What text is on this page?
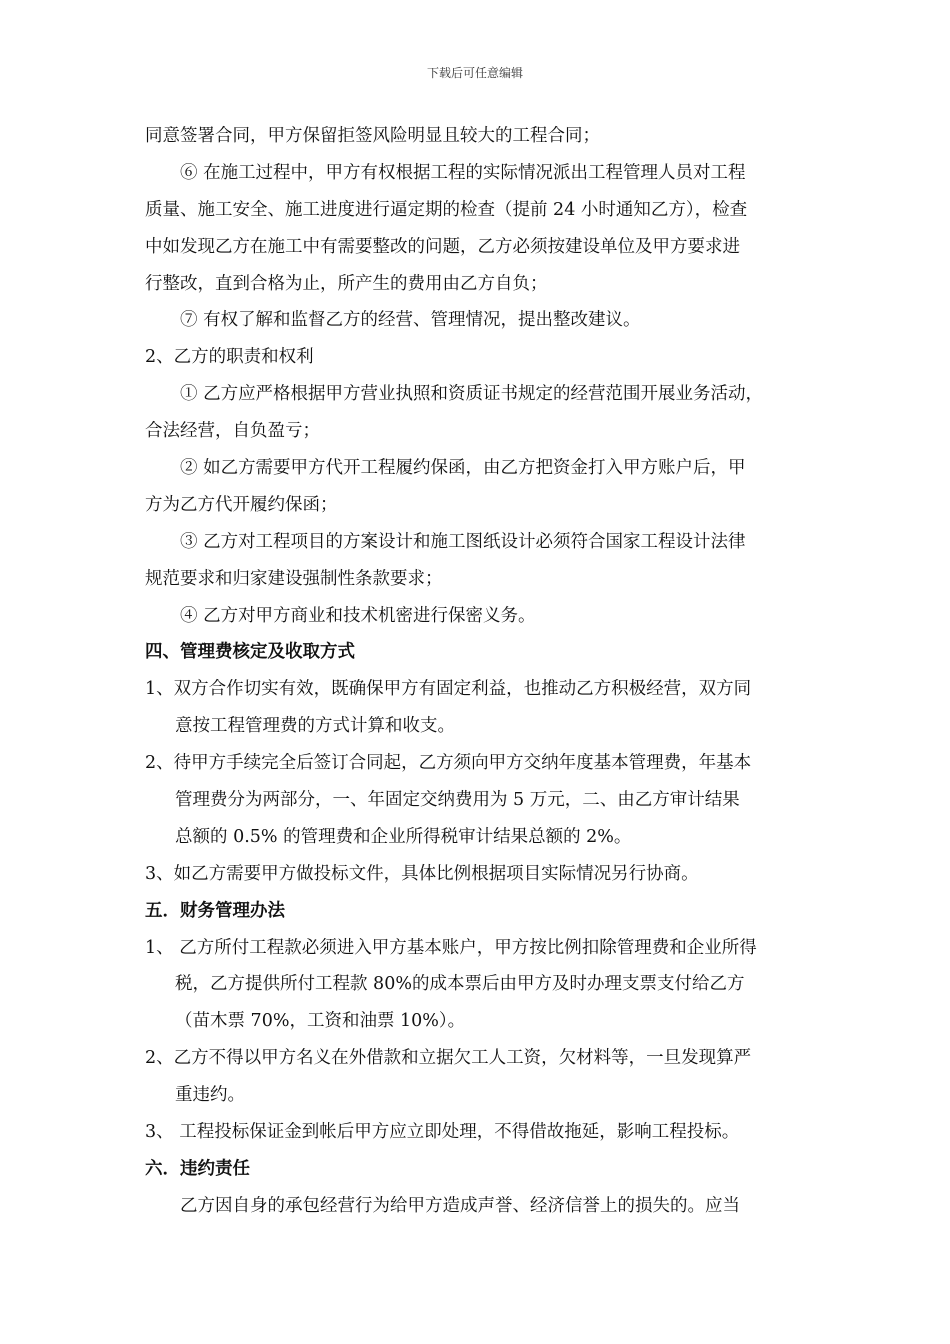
下载后可任意编辑
同意签署合同，甲方保留拒签风险明显且较大的工程合同；
⑥ 在施工过程中，甲方有权根据工程的实际情况派出工程管理人员对工程
质量、施工安全、施工进度进行逼定期的检查（提前 24 小时通知乙方），检查
中如发现乙方在施工中有需要整改的问题，乙方必须按建设单位及甲方要求进
行整改，直到合格为止，所产生的费用由乙方自负；
⑦ 有权了解和监督乙方的经营、管理情况，提出整改建议。
2、乙方的职责和权利
① 乙方应严格根据甲方营业执照和资质证书规定的经营范围开展业务活动，
合法经营，自负盈亏；
② 如乙方需要甲方代开工程履约保函，由乙方把资金打入甲方账户后，甲
方为乙方代开履约保函；
③ 乙方对工程项目的方案设计和施工图纸设计必须符合国家工程设计法律
规范要求和归家建设强制性条款要求；
④ 乙方对甲方商业和技术机密进行保密义务。
四、管理费核定及收取方式
1、双方合作切实有效，既确保甲方有固定利益，也推动乙方积极经营，双方同
意按工程管理费的方式计算和收支。
2、待甲方手续完全后签订合同起，乙方须向甲方交纳年度基本管理费，年基本
管理费分为两部分，一、年固定交纳费用为 5 万元，二、由乙方审计结果
总额的 0.5% 的管理费和企业所得税审计结果总额的 2%。
3、如乙方需要甲方做投标文件，具体比例根据项目实际情况另行协商。
五．财务管理办法
1、 乙方所付工程款必须进入甲方基本账户，甲方按比例扣除管理费和企业所得
税，乙方提供所付工程款 80%的成本票后由甲方及时办理支票支付给乙方
（苗木票 70%，工资和油票 10%）。
2、乙方不得以甲方名义在外借款和立据欠工人工资，欠材料等，一旦发现算严
重违约。
3、 工程投标保证金到帐后甲方应立即处理，不得借故拖延，影响工程投标。
六．违约责任
乙方因自身的承包经营行为给甲方造成声誉、经济信誉上的损失的。应当
